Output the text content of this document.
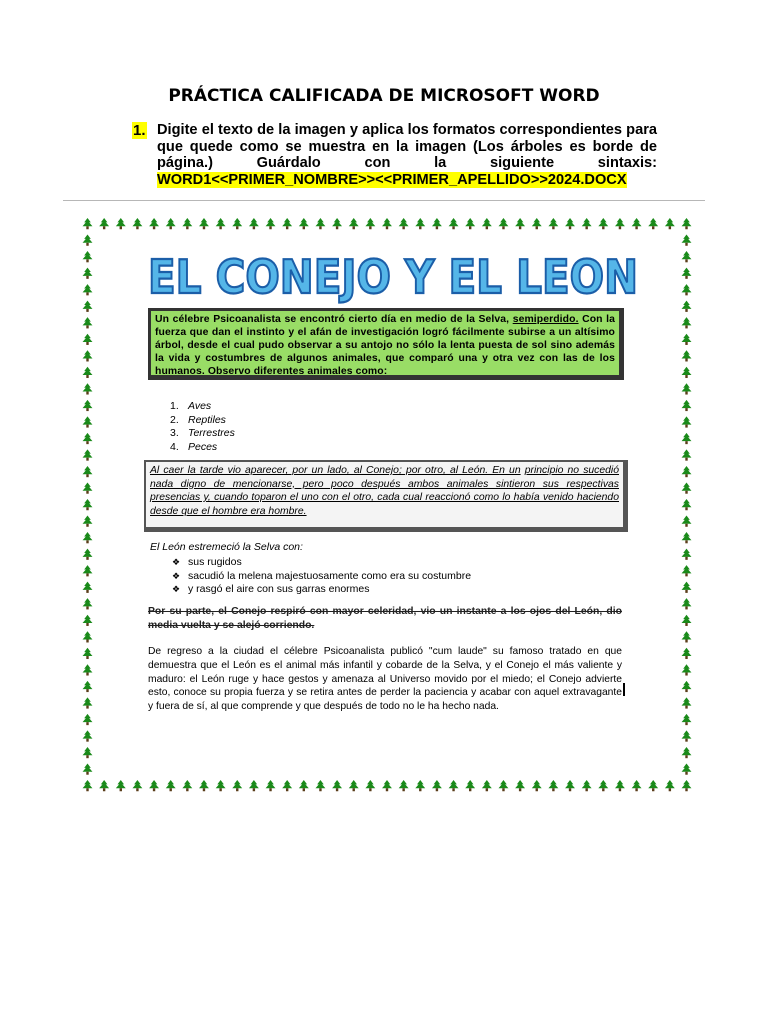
PRÁCTICA CALIFICADA DE MICROSOFT WORD
1. Digite el texto de la imagen y aplica los formatos correspondientes para que quede como se muestra en la imagen (Los árboles es borde de página.) Guárdalo con la siguiente sintaxis: WORD1<<PRIMER_NOMBRE>><<PRIMER_APELLIDO>>2024.DOCX
EL CONEJO Y EL LEON
Un célebre Psicoanalista se encontró cierto día en medio de la Selva, semiperdido. Con la fuerza que dan el instinto y el afán de investigación logró fácilmente subirse a un altísimo árbol, desde el cual pudo observar a su antojo no sólo la lenta puesta de sol sino además la vida y costumbres de algunos animales, que comparó una y otra vez con las de los humanos. Observo diferentes animales como:
1. Aves
2. Reptiles
3. Terrestres
4. Peces
Al caer la tarde vio aparecer, por un lado, al Conejo; por otro, al León. En un principio no sucedió nada digno de mencionarse, pero poco después ambos animales sintieron sus respectivas presencias y, cuando toparon el uno con el otro, cada cual reaccionó como lo había venido haciendo desde que el hombre era hombre.
El León estremeció la Selva con:
❖ sus rugidos
❖ sacudió la melena majestuosamente como era su costumbre
❖ y rasgó el aire con sus garras enormes
Por su parte, el Conejo respiró con mayor celeridad, vio un instante a los ojos del León, dio media vuelta y se alejó corriendo.
De regreso a la ciudad el célebre Psicoanalista publicó "cum laude" su famoso tratado en que demuestra que el León es el animal más infantil y cobarde de la Selva, y el Conejo el más valiente y maduro: el León ruge y hace gestos y amenaza al Universo movido por el miedo; el Conejo advierte esto, conoce su propia fuerza y se retira antes de perder la paciencia y acabar con aquel extravagante y fuera de sí, al que comprende y que después de todo no le ha hecho nada.
